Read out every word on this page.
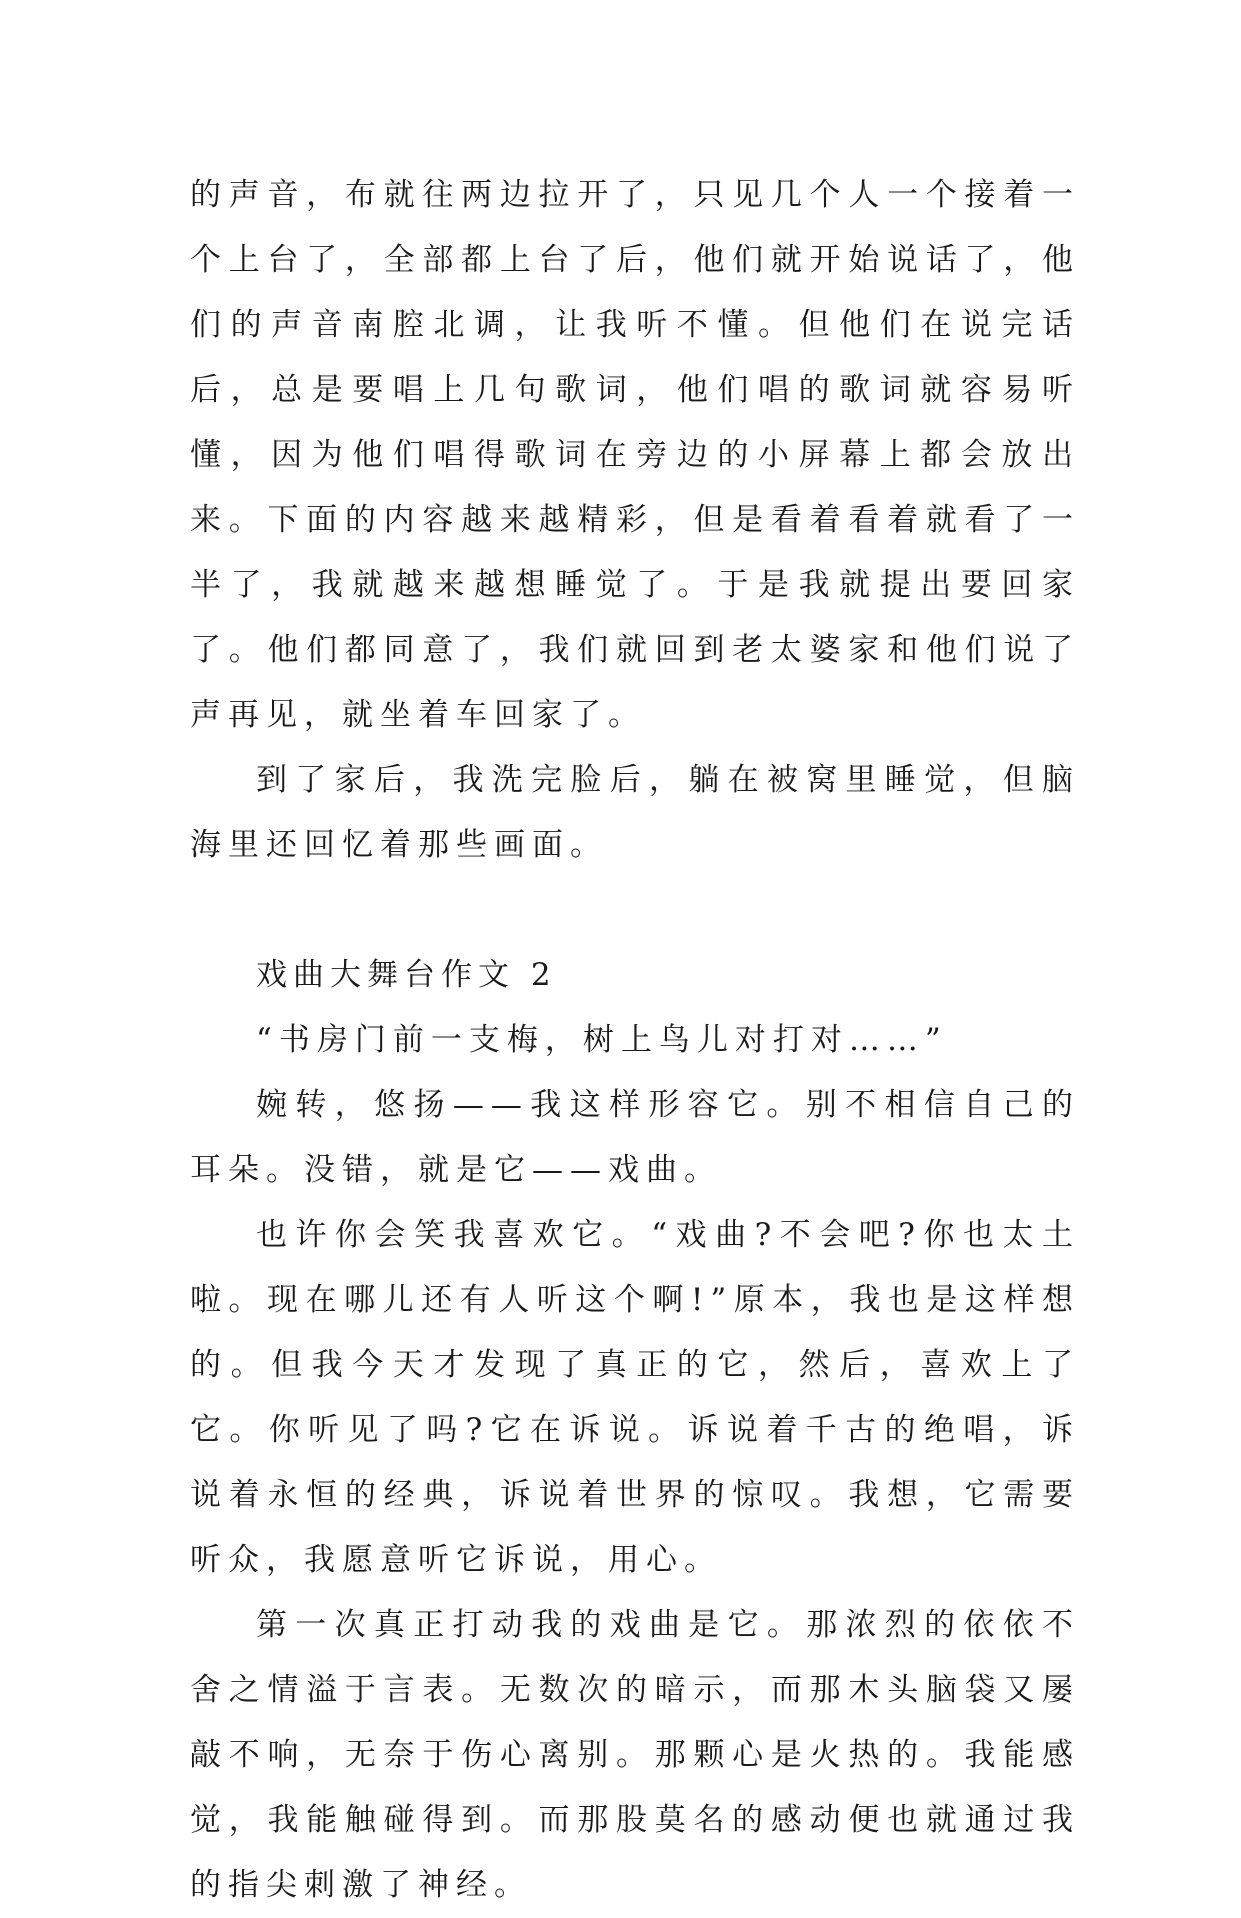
的声音，布就往两边拉开了，只见几个人一个接着一个上台了，全部都上台了后，他们就开始说话了，他们的声音南腔北调，让我听不懂。但他们在说完话后，总是要唱上几句歌词，他们唱的歌词就容易听懂，因为他们唱得歌词在旁边的小屏幕上都会放出来。下面的内容越来越精彩，但是看着看着就看了一半了，我就越来越想睡觉了。于是我就提出要回家了。他们都同意了，我们就回到老太婆家和他们说了声再见，就坐着车回家了。

到了家后，我洗完脸后，躺在被窝里睡觉，但脑海里还回忆着那些画面。

戏曲大舞台作文 2

“书房门前一支梅，树上鸟儿对打对……”

婉转，悠扬——我这样形容它。别不相信自己的耳朵。没错，就是它——戏曲。

也许你会笑我喜欢它。“戏曲?不会吧?你也太土啦。现在哪儿还有人听这个啊!”原本，我也是这样想的。但我今天才发现了真正的它，然后，喜欢上了它。你听见了吗?它在诉说。诉说着千古的绝唱，诉说着永恒的经典，诉说着世界的惊叹。我想，它需要听众，我愿意听它诉说，用心。

第一次真正打动我的戏曲是它。那浓烈的依依不舍之情溢于言表。无数次的暗示，而那木头脑袋又屡敲不响，无奈于伤心离别。那颗心是火热的。我能感觉，我能触碰得到。而那股莫名的感动便也就通过我的指尖刺激了神经。
